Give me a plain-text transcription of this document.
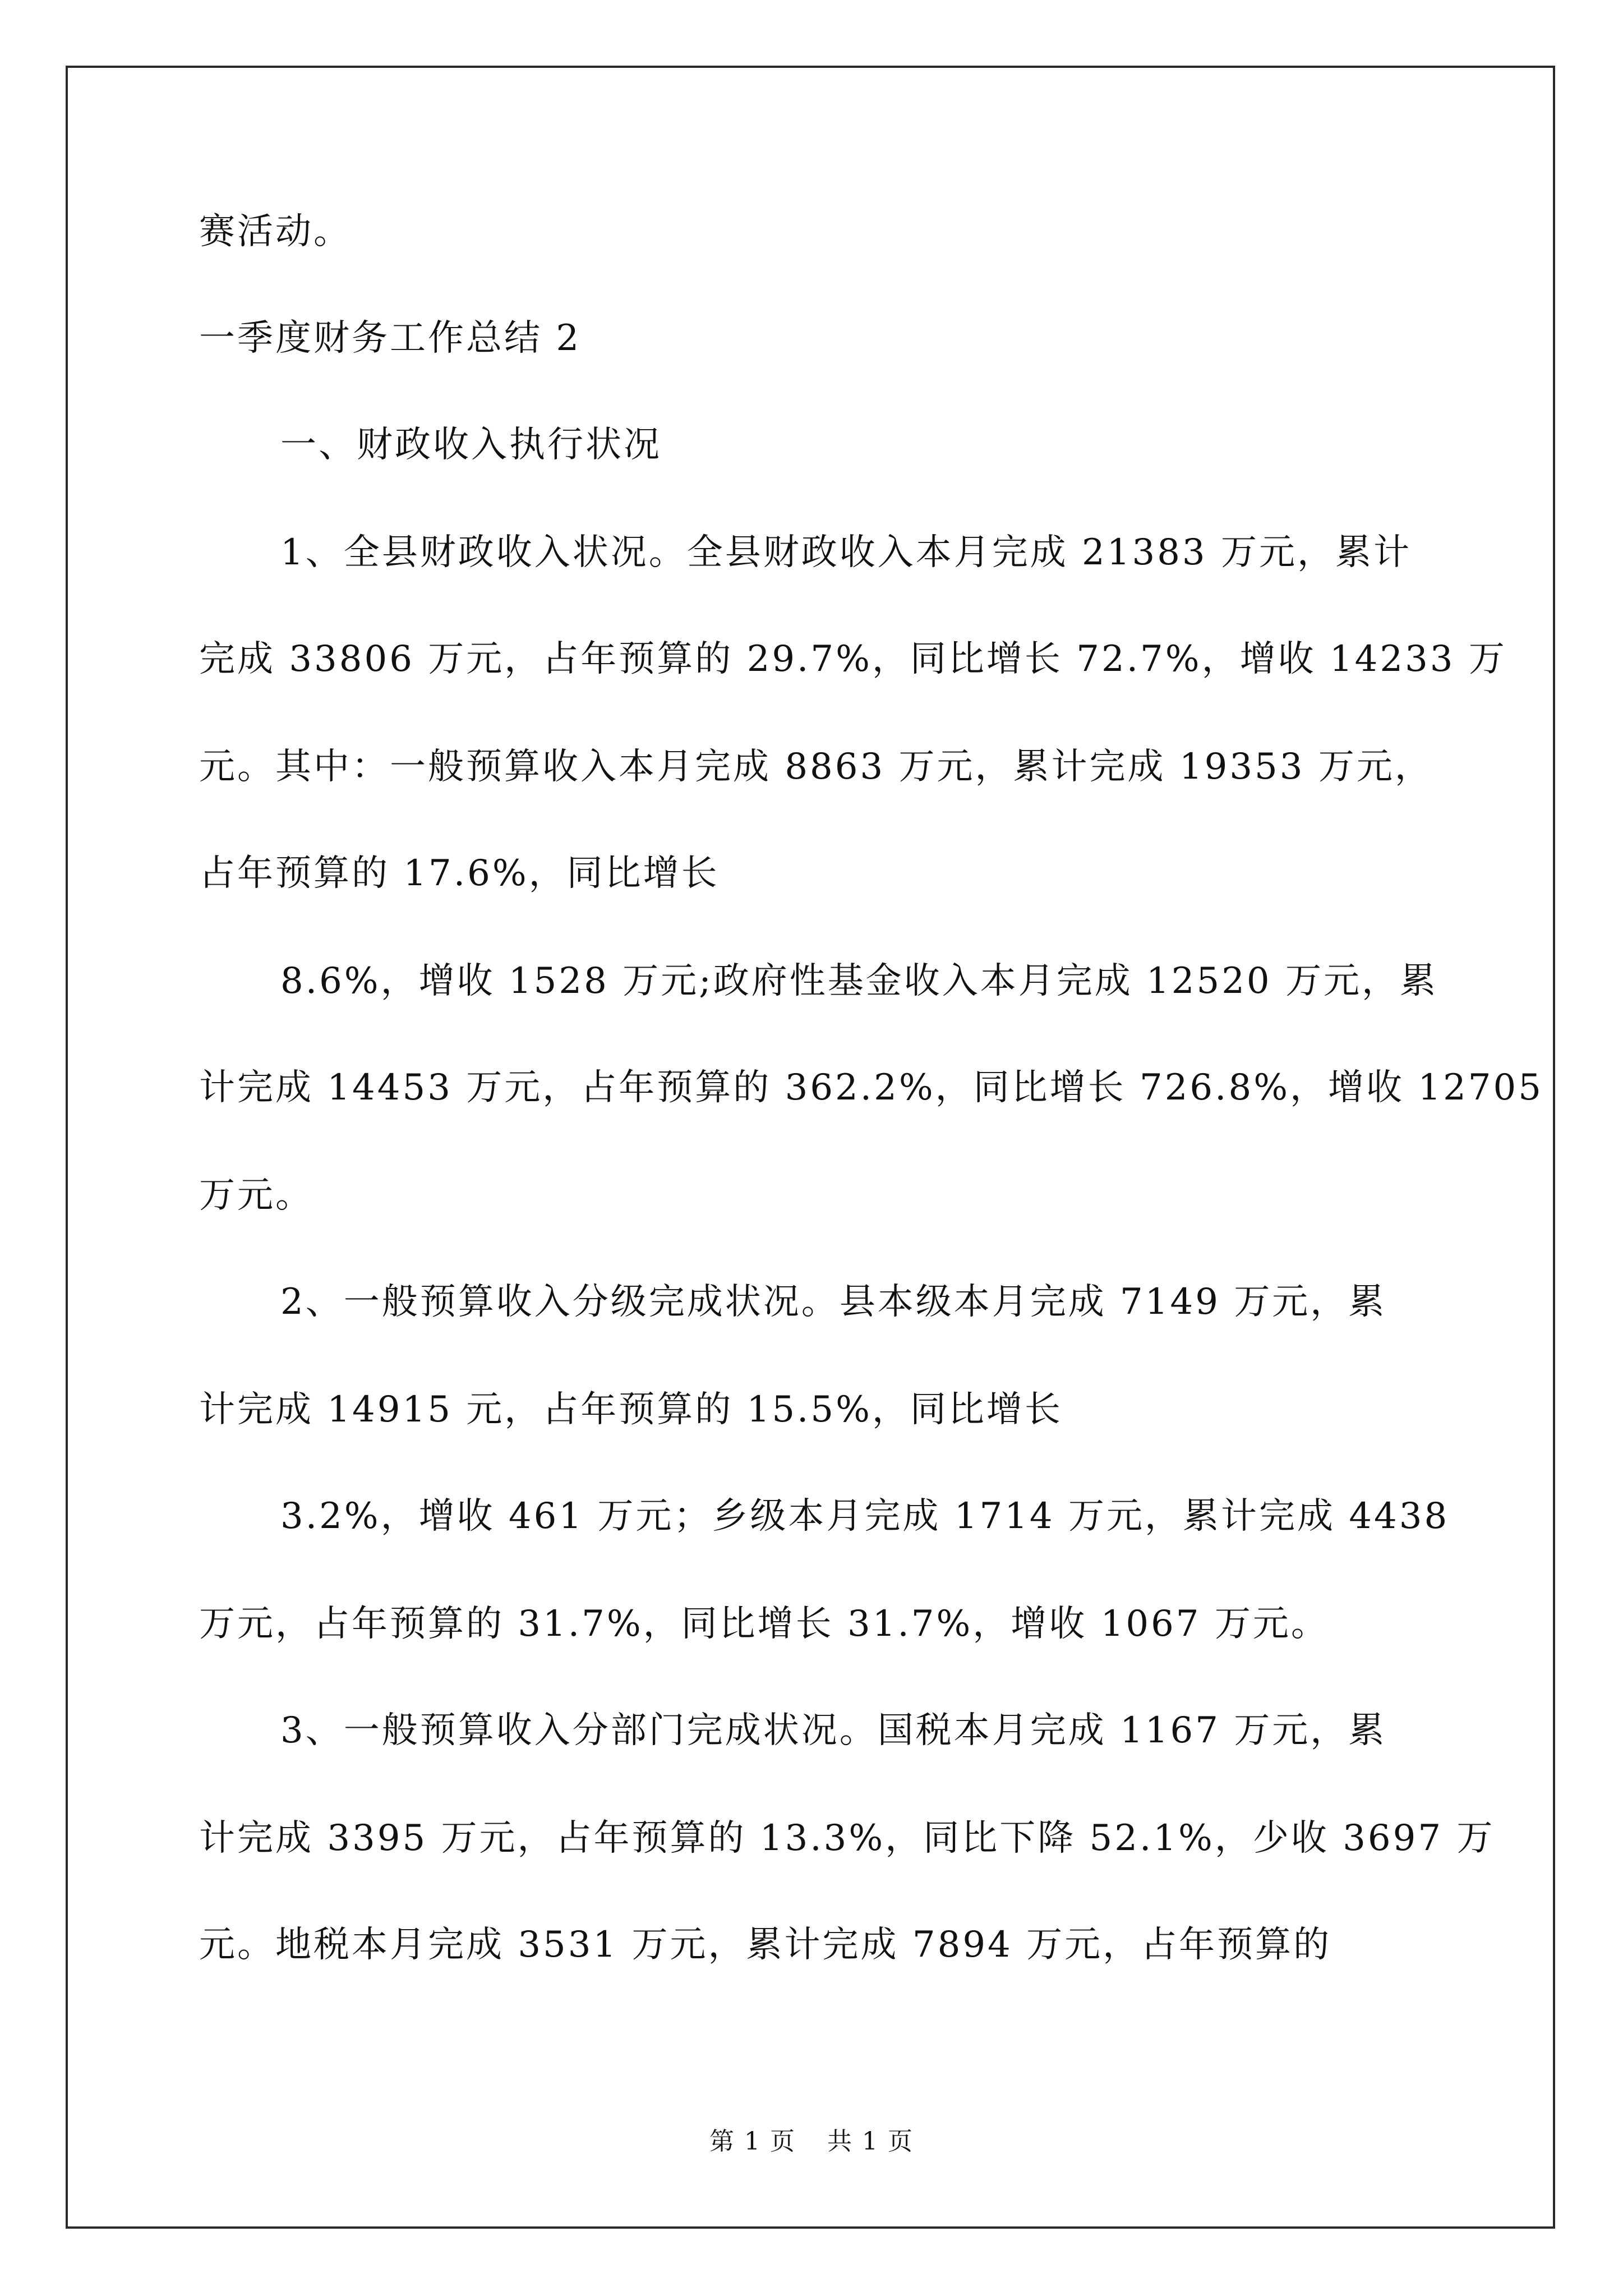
赛活动。
一季度财务工作总结 2
一、财政收入执行状况
1、全县财政收入状况。全县财政收入本月完成 21383 万元，累计
完成 33806 万元，占年预算的 29.7%，同比增长 72.7%，增收 14233 万
元。其中：一般预算收入本月完成 8863 万元，累计完成 19353 万元，
占年预算的 17.6%，同比增长
8.6%，增收 1528 万元;政府性基金收入本月完成 12520 万元，累
计完成 14453 万元，占年预算的 362.2%，同比增长 726.8%，增收 12705
万元。
2、一般预算收入分级完成状况。县本级本月完成 7149 万元，累
计完成 14915 元，占年预算的 15.5%，同比增长
3.2%，增收 461 万元；乡级本月完成 1714 万元，累计完成 4438
万元，占年预算的 31.7%，同比增长 31.7%，增收 1067 万元。
3、一般预算收入分部门完成状况。国税本月完成 1167 万元，累
计完成 3395 万元，占年预算的 13.3%，同比下降 52.1%，少收 3697 万
元。地税本月完成 3531 万元，累计完成 7894 万元，占年预算的
第 1 页 共 1 页
